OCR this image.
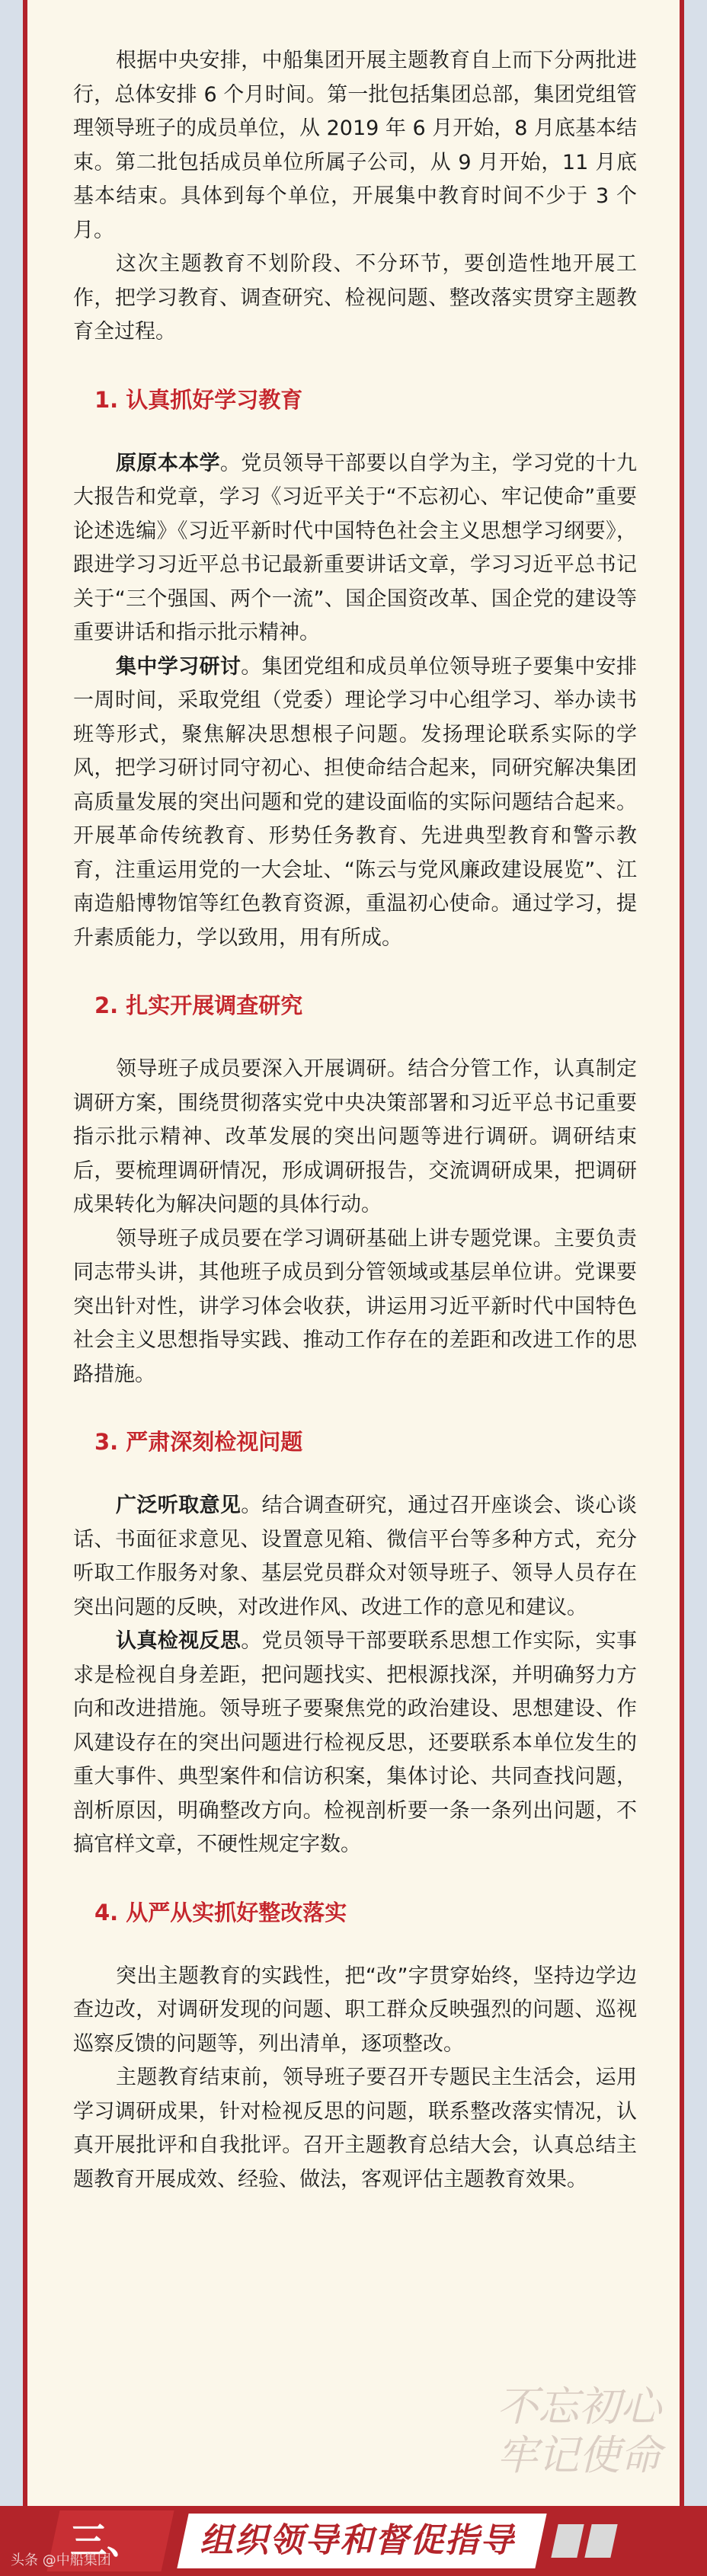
根据中央安排，中船集团开展主题教育自上而下分两批进行，总体安排 6 个月时间。第一批包括集团总部，集团党组管理领导班子的成员单位，从 2019 年 6 月开始，8 月底基本结束。第二批包括成员单位所属子公司，从 9 月开始，11 月底基本结束。具体到每个单位，开展集中教育时间不少于 3 个月。

这次主题教育不划阶段、不分环节，要创造性地开展工作，把学习教育、调查研究、检视问题、整改落实贯穿主题教育全过程。

1. 认真抓好学习教育

原原本本学。党员领导干部要以自学为主，学习党的十九大报告和党章，学习《习近平关于“不忘初心、牢记使命”重要论述选编》《习近平新时代中国特色社会主义思想学习纲要》，跟进学习习近平总书记最新重要讲话文章，学习习近平总书记关于“三个强国、两个一流”、国企国资改革、国企党的建设等重要讲话和指示批示精神。

集中学习研讨。集团党组和成员单位领导班子要集中安排一周时间，采取党组（党委）理论学习中心组学习、举办读书班等形式，聚焦解决思想根子问题。发扬理论联系实际的学风，把学习研讨同守初心、担使命结合起来，同研究解决集团高质量发展的突出问题和党的建设面临的实际问题结合起来。开展革命传统教育、形势任务教育、先进典型教育和警示教育，注重运用党的一大会址、“陈云与党风廉政建设展览”、江南造船博物馆等红色教育资源，重温初心使命。通过学习，提升素质能力，学以致用，用有所成。

2. 扎实开展调查研究

领导班子成员要深入开展调研。结合分管工作，认真制定调研方案，围绕贯彻落实党中央决策部署和习近平总书记重要指示批示精神、改革发展的突出问题等进行调研。调研结束后，要梳理调研情况，形成调研报告，交流调研成果，把调研成果转化为解决问题的具体行动。

领导班子成员要在学习调研基础上讲专题党课。主要负责同志带头讲，其他班子成员到分管领域或基层单位讲。党课要突出针对性，讲学习体会收获，讲运用习近平新时代中国特色社会主义思想指导实践、推动工作存在的差距和改进工作的思路措施。

3. 严肃深刻检视问题

广泛听取意见。结合调查研究，通过召开座谈会、谈心谈话、书面征求意见、设置意见箱、微信平台等多种方式，充分听取工作服务对象、基层党员群众对领导班子、领导人员存在突出问题的反映，对改进作风、改进工作的意见和建议。

认真检视反思。党员领导干部要联系思想工作实际，实事求是检视自身差距，把问题找实、把根源找深，并明确努力方向和改进措施。领导班子要聚焦党的政治建设、思想建设、作风建设存在的突出问题进行检视反思，还要联系本单位发生的重大事件、典型案件和信访积案，集体讨论、共同查找问题，剖析原因，明确整改方向。检视剖析要一条一条列出问题，不搞官样文章，不硬性规定字数。

4. 从严从实抓好整改落实

突出主题教育的实践性，把“改”字贯穿始终，坚持边学边查边改，对调研发现的问题、职工群众反映强烈的问题、巡视巡察反馈的问题等，列出清单，逐项整改。

主题教育结束前，领导班子要召开专题民主生活会，运用学习调研成果，针对检视反思的问题，联系整改落实情况，认真开展批评和自我批评。召开主题教育总结大会，认真总结主题教育开展成效、经验、做法，客观评估主题教育效果。

不忘初心
牢记使命
三、 组织领导和督促指导
头条 @中船集团
